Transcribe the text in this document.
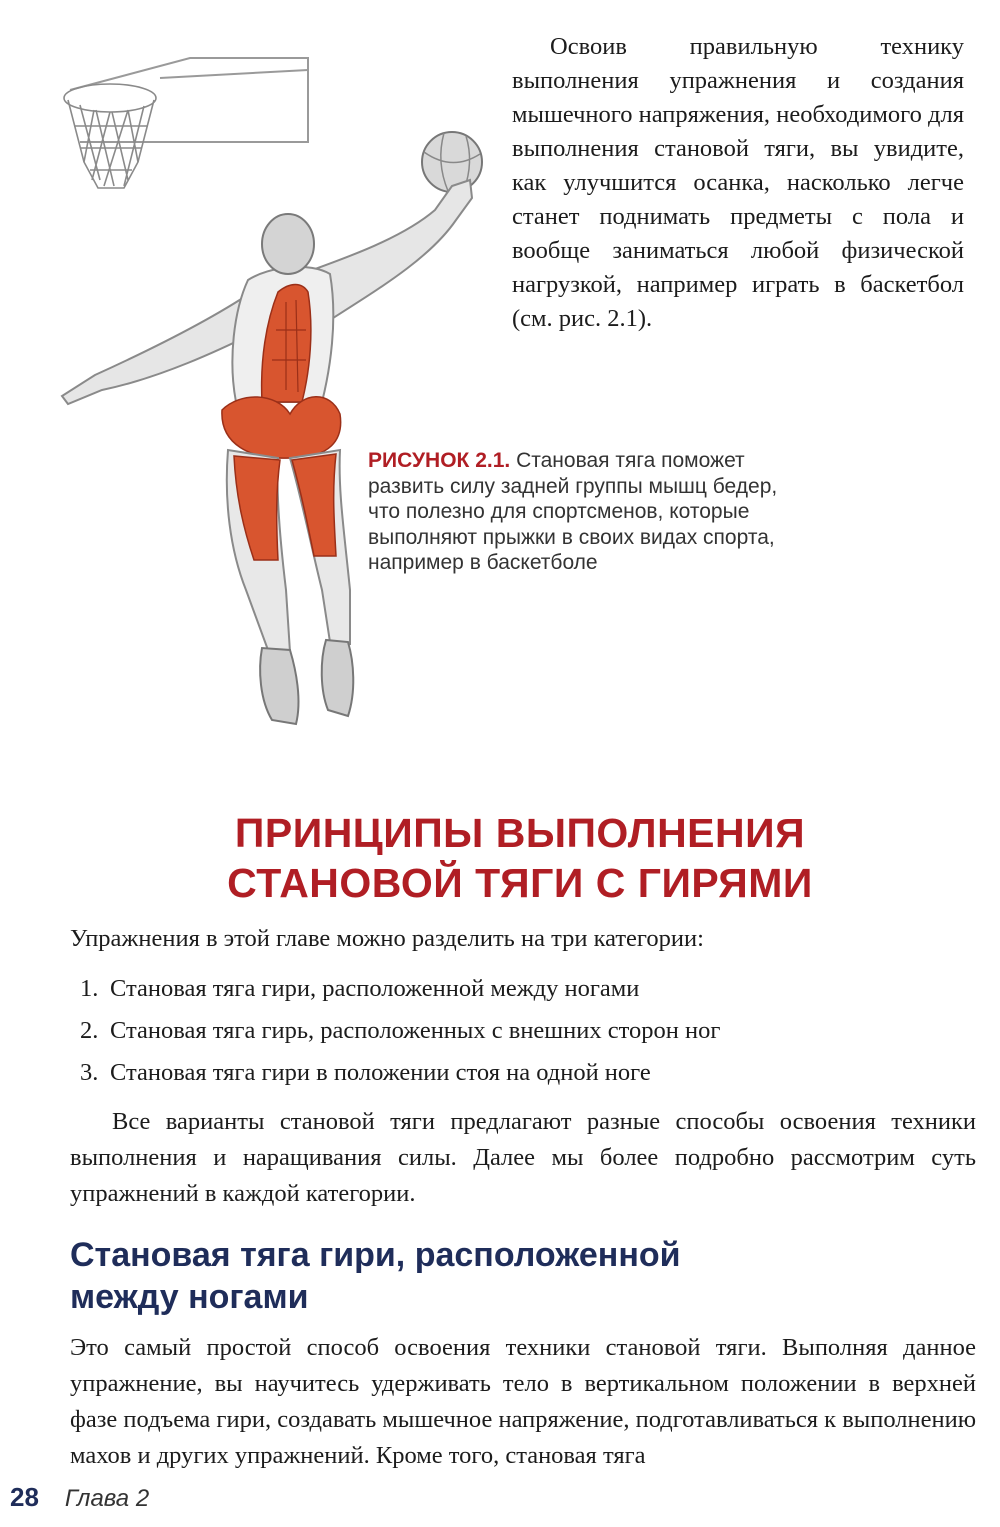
Освоив правильную технику выполнения упражнения и создания мышечного напряжения, необходимого для выполнения становой тяги, вы увидите, как улучшится осанка, насколько легче станет поднимать предметы с пола и вообще заниматься любой физической нагрузкой, например играть в баскетбол (см. рис. 2.1).

РИСУНОК 2.1. Становая тяга поможет развить силу задней группы мышц бедер, что полезно для спортсменов, которые выполняют прыжки в своих видах спорта, например в баскетболе

ПРИНЦИПЫ ВЫПОЛНЕНИЯ
СТАНОВОЙ ТЯГИ С ГИРЯМИ

Упражнения в этой главе можно разделить на три категории:

1. Становая тяга гири, расположенной между ногами
2. Становая тяга гирь, расположенных с внешних сторон ног
3. Становая тяга гири в положении стоя на одной ноге

Все варианты становой тяги предлагают разные способы освоения техники выполнения и наращивания силы. Далее мы более подробно рассмотрим суть упражнений в каждой категории.

Становая тяга гири, расположенной
между ногами

Это самый простой способ освоения техники становой тяги. Выполняя данное упражнение, вы научитесь удерживать тело в вертикальном положении в верхней фазе подъема гири, создавать мышечное напряжение, подготавливаться к выполнению махов и других упражнений. Кроме того, становая тяга

28 Глава 2
